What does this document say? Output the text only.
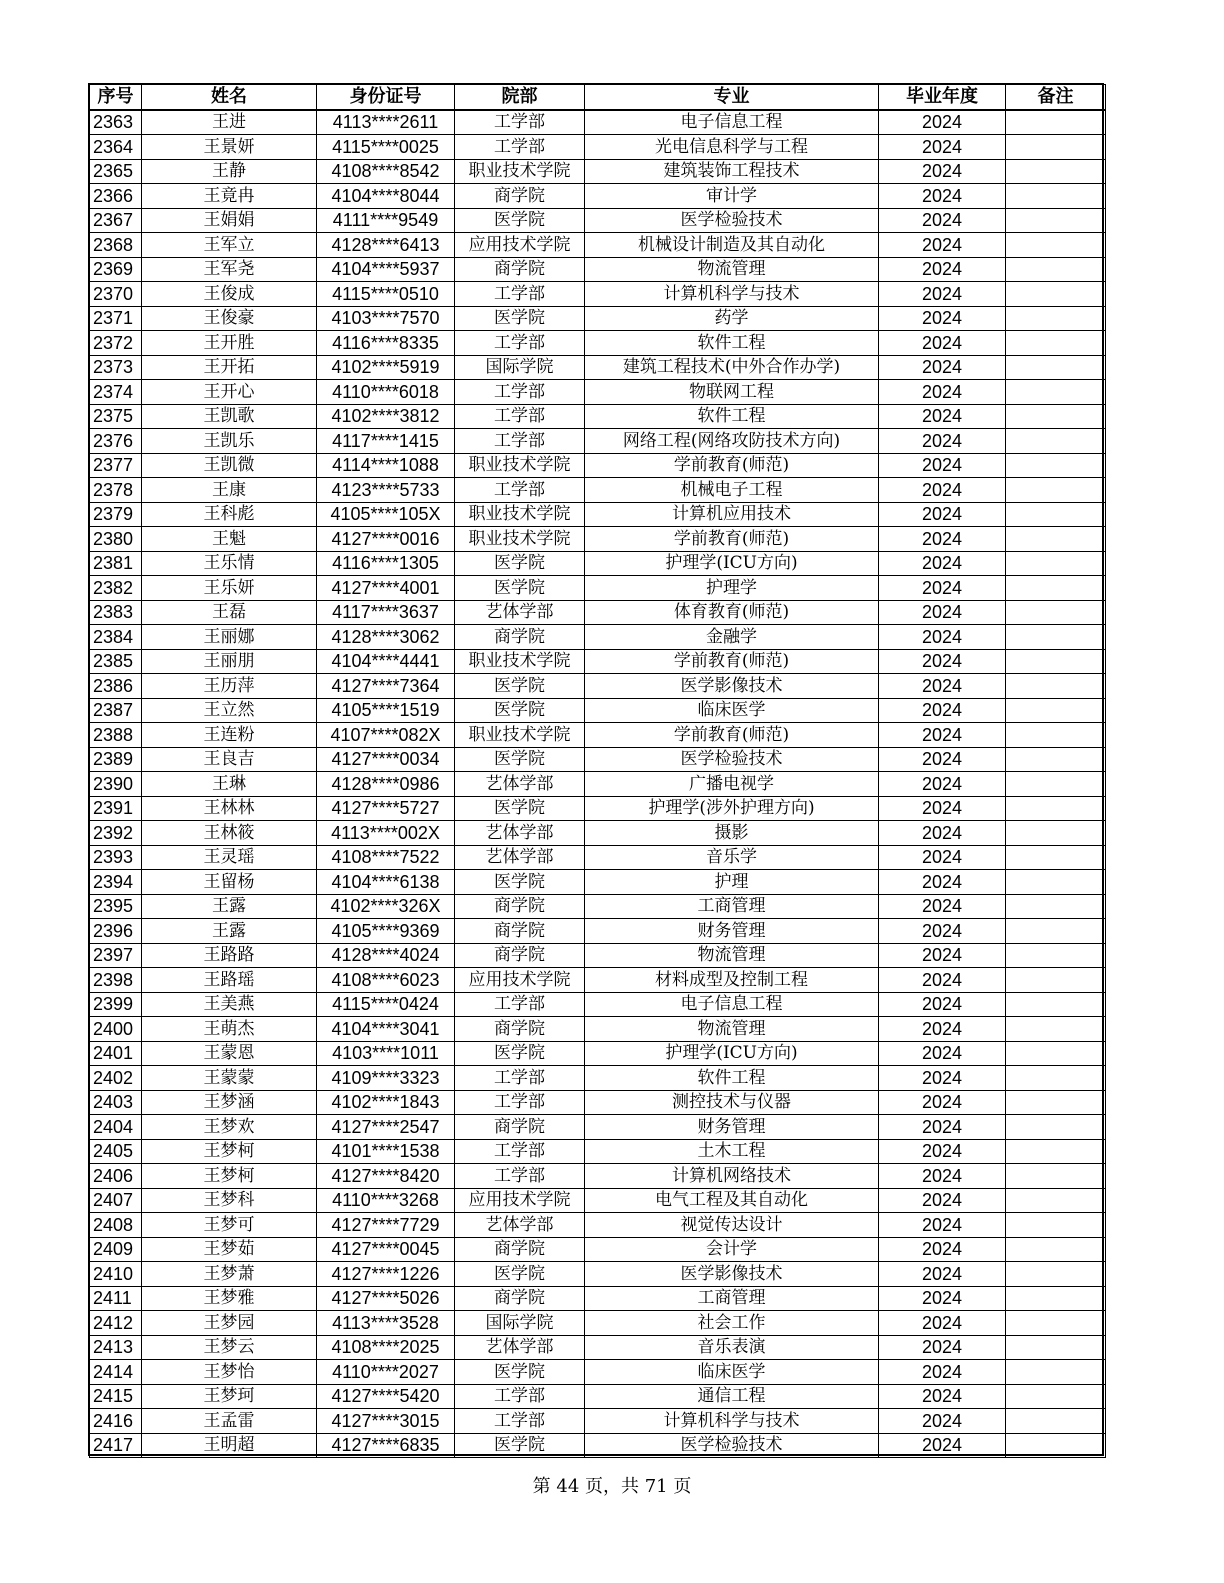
序号	姓名	身份证号	院部	专业	毕业年度	备注
2363	王进	4113****2611	工学部	电子信息工程	2024	
2364	王景妍	4115****0025	工学部	光电信息科学与工程	2024	
2365	王静	4108****8542	职业技术学院	建筑装饰工程技术	2024	
2366	王竟冉	4104****8044	商学院	审计学	2024	
2367	王娟娟	4111****9549	医学院	医学检验技术	2024	
2368	王军立	4128****6413	应用技术学院	机械设计制造及其自动化	2024	
2369	王军尧	4104****5937	商学院	物流管理	2024	
2370	王俊成	4115****0510	工学部	计算机科学与技术	2024	
2371	王俊豪	4103****7570	医学院	药学	2024	
2372	王开胜	4116****8335	工学部	软件工程	2024	
2373	王开拓	4102****5919	国际学院	建筑工程技术(中外合作办学)	2024	
2374	王开心	4110****6018	工学部	物联网工程	2024	
2375	王凯歌	4102****3812	工学部	软件工程	2024	
2376	王凯乐	4117****1415	工学部	网络工程(网络攻防技术方向)	2024	
2377	王凯微	4114****1088	职业技术学院	学前教育(师范)	2024	
2378	王康	4123****5733	工学部	机械电子工程	2024	
2379	王科彪	4105****105X	职业技术学院	计算机应用技术	2024	
2380	王魁	4127****0016	职业技术学院	学前教育(师范)	2024	
2381	王乐情	4116****1305	医学院	护理学(ICU方向)	2024	
2382	王乐妍	4127****4001	医学院	护理学	2024	
2383	王磊	4117****3637	艺体学部	体育教育(师范)	2024	
2384	王丽娜	4128****3062	商学院	金融学	2024	
2385	王丽朋	4104****4441	职业技术学院	学前教育(师范)	2024	
2386	王历萍	4127****7364	医学院	医学影像技术	2024	
2387	王立然	4105****1519	医学院	临床医学	2024	
2388	王连粉	4107****082X	职业技术学院	学前教育(师范)	2024	
2389	王良吉	4127****0034	医学院	医学检验技术	2024	
2390	王琳	4128****0986	艺体学部	广播电视学	2024	
2391	王林林	4127****5727	医学院	护理学(涉外护理方向)	2024	
2392	王林筱	4113****002X	艺体学部	摄影	2024	
2393	王灵瑶	4108****7522	艺体学部	音乐学	2024	
2394	王留杨	4104****6138	医学院	护理	2024	
2395	王露	4102****326X	商学院	工商管理	2024	
2396	王露	4105****9369	商学院	财务管理	2024	
2397	王路路	4128****4024	商学院	物流管理	2024	
2398	王路瑶	4108****6023	应用技术学院	材料成型及控制工程	2024	
2399	王美燕	4115****0424	工学部	电子信息工程	2024	
2400	王萌杰	4104****3041	商学院	物流管理	2024	
2401	王蒙恩	4103****1011	医学院	护理学(ICU方向)	2024	
2402	王蒙蒙	4109****3323	工学部	软件工程	2024	
2403	王梦涵	4102****1843	工学部	测控技术与仪器	2024	
2404	王梦欢	4127****2547	商学院	财务管理	2024	
2405	王梦柯	4101****1538	工学部	土木工程	2024	
2406	王梦柯	4127****8420	工学部	计算机网络技术	2024	
2407	王梦科	4110****3268	应用技术学院	电气工程及其自动化	2024	
2408	王梦可	4127****7729	艺体学部	视觉传达设计	2024	
2409	王梦茹	4127****0045	商学院	会计学	2024	
2410	王梦萧	4127****1226	医学院	医学影像技术	2024	
2411	王梦雅	4127****5026	商学院	工商管理	2024	
2412	王梦园	4113****3528	国际学院	社会工作	2024	
2413	王梦云	4108****2025	艺体学部	音乐表演	2024	
2414	王梦怡	4110****2027	医学院	临床医学	2024	
2415	王梦珂	4127****5420	工学部	通信工程	2024	
2416	王孟雷	4127****3015	工学部	计算机科学与技术	2024	
2417	王明超	4127****6835	医学院	医学检验技术	2024	
第 44 页，共 71 页
